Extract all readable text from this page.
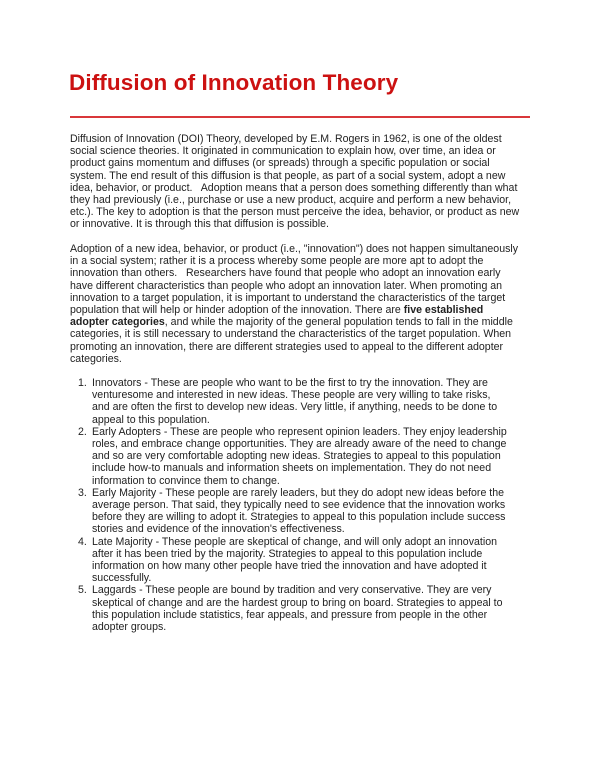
Diffusion of Innovation Theory
Diffusion of Innovation (DOI) Theory, developed by E.M. Rogers in 1962, is one of the oldest
social science theories. It originated in communication to explain how, over time, an idea or
product gains momentum and diffuses (or spreads) through a specific population or social
system. The end result of this diffusion is that people, as part of a social system, adopt a new
idea, behavior, or product.   Adoption means that a person does something differently than what
they had previously (i.e., purchase or use a new product, acquire and perform a new behavior,
etc.). The key to adoption is that the person must perceive the idea, behavior, or product as new
or innovative. It is through this that diffusion is possible.
Adoption of a new idea, behavior, or product (i.e., "innovation") does not happen simultaneously
in a social system; rather it is a process whereby some people are more apt to adopt the
innovation than others.   Researchers have found that people who adopt an innovation early
have different characteristics than people who adopt an innovation later. When promoting an
innovation to a target population, it is important to understand the characteristics of the target
population that will help or hinder adoption of the innovation. There are five established
adopter categories, and while the majority of the general population tends to fall in the middle
categories, it is still necessary to understand the characteristics of the target population. When
promoting an innovation, there are different strategies used to appeal to the different adopter
categories.
1. Innovators - These are people who want to be the first to try the innovation. They are
venturesome and interested in new ideas. These people are very willing to take risks,
and are often the first to develop new ideas. Very little, if anything, needs to be done to
appeal to this population.
2. Early Adopters - These are people who represent opinion leaders. They enjoy leadership
roles, and embrace change opportunities. They are already aware of the need to change
and so are very comfortable adopting new ideas. Strategies to appeal to this population
include how-to manuals and information sheets on implementation. They do not need
information to convince them to change.
3. Early Majority - These people are rarely leaders, but they do adopt new ideas before the
average person. That said, they typically need to see evidence that the innovation works
before they are willing to adopt it. Strategies to appeal to this population include success
stories and evidence of the innovation's effectiveness.
4. Late Majority - These people are skeptical of change, and will only adopt an innovation
after it has been tried by the majority. Strategies to appeal to this population include
information on how many other people have tried the innovation and have adopted it
successfully.
5. Laggards - These people are bound by tradition and very conservative. They are very
skeptical of change and are the hardest group to bring on board. Strategies to appeal to
this population include statistics, fear appeals, and pressure from people in the other
adopter groups.
